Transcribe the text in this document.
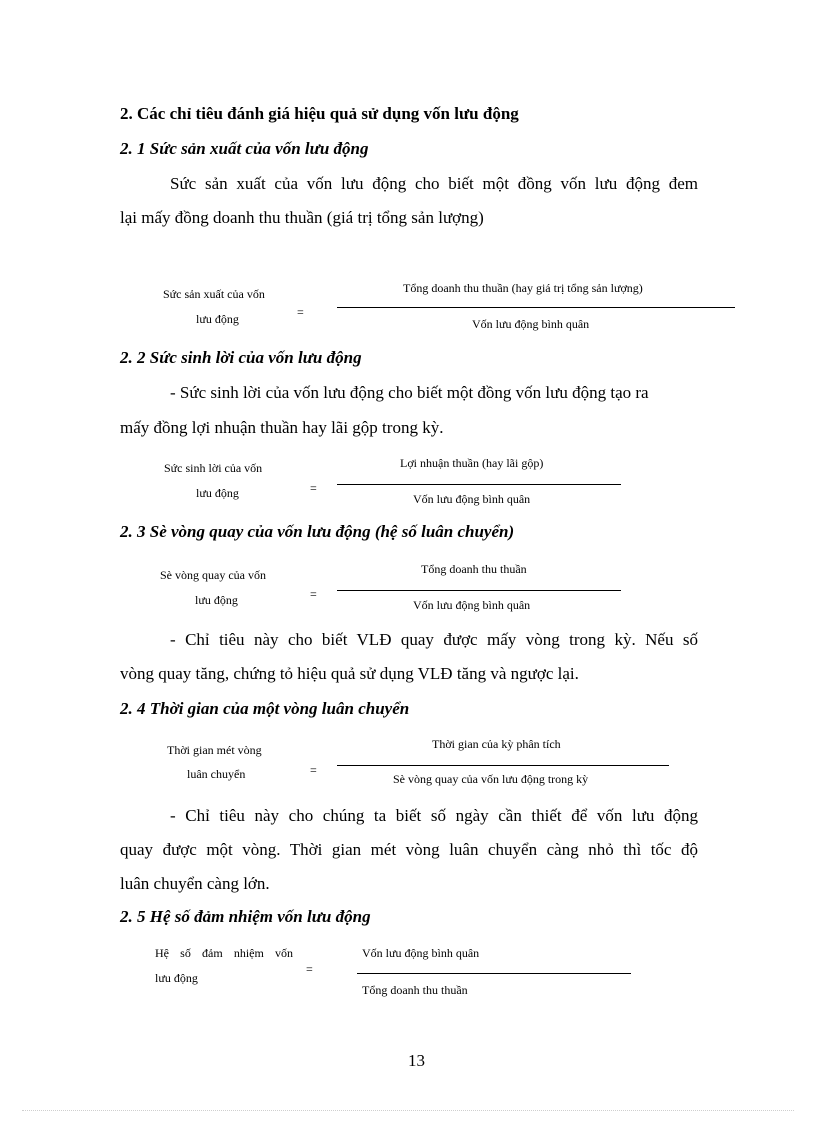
2. Các chỉ tiêu đánh giá hiệu quả sử dụng vốn lưu động
2. 1 Sức sản xuất của vốn lưu động
Sức sản xuất của vốn lưu động cho biết một đồng vốn lưu động đem
lại mấy đồng doanh thu thuần (giá trị tổng sản lượng)
Sức sản xuất của vốn
lưu động	=
Tổng doanh thu thuần (hay giá trị tổng sản lượng)
Vốn lưu động bình quân
2. 2 Sức sinh lời của vốn lưu động
- Sức sinh lời của vốn lưu động cho biết một đồng vốn lưu động tạo ra
mấy đồng lợi nhuận thuần hay lãi gộp trong kỳ.
Sức sinh lời của vốn
lưu động	=
Lợi nhuận thuần (hay lãi gộp)
Vốn lưu động bình quân
2. 3 Sè vòng quay của vốn lưu động (hệ số luân chuyển)
Sè vòng quay của vốn
lưu động	=
Tổng doanh thu thuần
Vốn lưu động bình quân
- Chỉ tiêu này cho biết VLĐ quay được mấy vòng trong kỳ. Nếu số
vòng quay tăng, chứng tỏ hiệu quả sử dụng VLĐ tăng và ngược lại.
2. 4 Thời gian của một vòng luân chuyển
Thời gian mét vòng
luân chuyển	=
Thời gian của kỳ phân tích
Sè vòng quay của vốn lưu động trong kỳ
- Chỉ tiêu này cho chúng ta biết số ngày cần thiết để vốn lưu động
quay được một vòng. Thời gian mét vòng luân chuyển càng nhỏ thì tốc độ
luân chuyển càng lớn.
2. 5 Hệ số đảm nhiệm vốn lưu động
Hệ số đảm nhiệm vốn
lưu động
=
Vốn lưu động bình quân
Tổng doanh thu thuần
13
